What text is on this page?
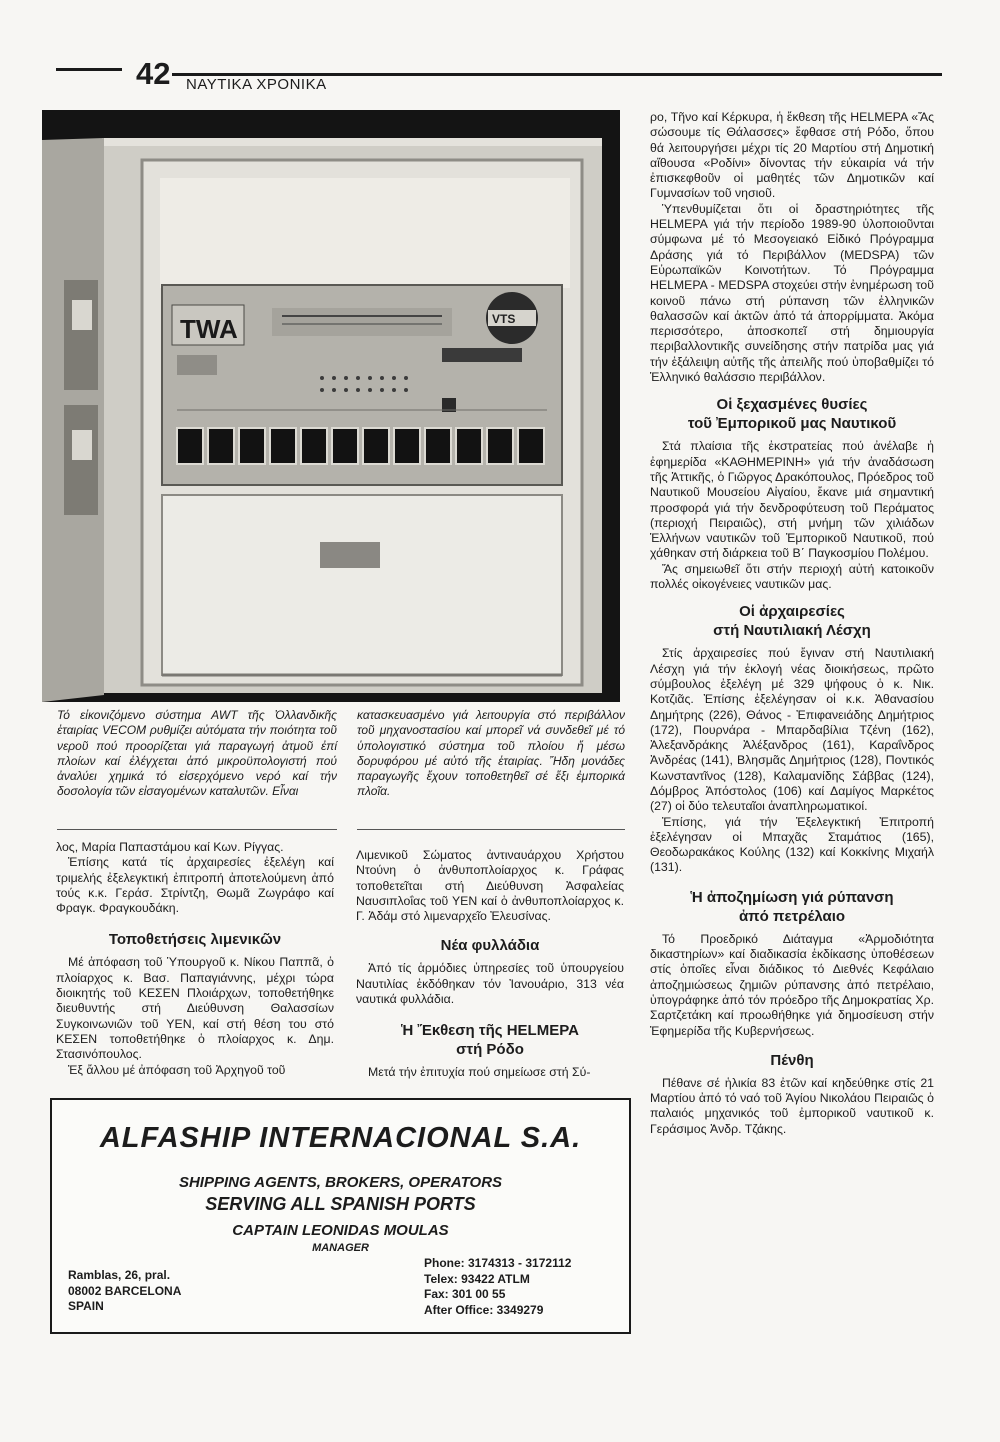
42 ΝΑΥΤΙΚΑ ΧΡΟΝΙΚΑ
TWA	VTS

Τό εἰκονιζόμενο σύστημα AWT τῆς Ὀλλανδικῆς ἑταιρίας VECOM ρυθμίζει αὐτόματα τήν ποιότητα τοῦ νεροῦ πού προορίζεται γιά παραγωγή ἀτμοῦ ἐπί πλοίων καί ἐλέγχεται ἀπό μικροϋπολογιστή πού ἀναλύει χημικά τό εἰσερχόμενο νερό καί τήν δοσολογία τῶν εἰσαγομένων καταλυτῶν. Εἶναι

κατασκευασμένο γιά λειτουργία στό περιβάλλον τοῦ μηχανοστασίου καί μπορεῖ νά συνδεθεῖ μέ τό ὑπολογιστικό σύστημα τοῦ πλοίου ἤ μέσω δορυφόρου μέ αὐτό τῆς ἑταιρίας. Ἤδη μονάδες παραγωγῆς ἔχουν τοποθετηθεῖ σέ ἕξι ἐμπορικά πλοῖα.

λος, Μαρία Παπαστάμου καί Κων. Ρίγγας.

Ἐπίσης κατά τίς ἀρχαιρεσίες ἐξελέγη καί τριμελής ἐξελεγκτική ἐπιτροπή ἀποτελούμενη ἀπό τούς κ.κ. Γεράσ. Στρίντζη, Θωμᾶ Ζωγράφο καί Φραγκ. Φραγκουδάκη.

Τοποθετήσεις λιμενικῶν

Μέ ἀπόφαση τοῦ Ὑπουργοῦ κ. Νίκου Παππᾶ, ὁ πλοίαρχος κ. Βασ. Παπαγιάννης, μέχρι τώρα διοικητής τοῦ ΚΕΣΕΝ Πλοιάρχων, τοποθετήθηκε διευθυντής στή Διεύθυνση Θαλασσίων Συγκοινωνιῶν τοῦ ΥΕΝ, καί στή θέση του στό ΚΕΣΕΝ τοποθετήθηκε ὁ πλοίαρχος κ. Δημ. Στασινόπουλος.

Ἐξ ἄλλου μέ ἀπόφαση τοῦ Ἀρχηγοῦ τοῦ

Λιμενικοῦ Σώματος ἀντιναυάρχου Χρήστου Ντούνη ὁ ἀνθυποπλοίαρχος κ. Γράφας τοποθετεῖται στή Διεύθυνση Ἀσφαλείας Ναυσιπλοΐας τοῦ ΥΕΝ καί ὁ ἀνθυποπλοίαρχος κ. Γ. Ἀδάμ στό λιμεναρχεῖο Ἐλευσίνας.

Νέα φυλλάδια

Ἀπό τίς ἁρμόδιες ὑπηρεσίες τοῦ ὑπουργείου Ναυτιλίας ἐκδόθηκαν τόν Ἰανουάριο, 313 νέα ναυτικά φυλλάδια.

Ἡ Ἔκθεση τῆς HELMEPA
στή Ρόδο

Μετά τήν ἐπιτυχία πού σημείωσε στή Σύ-

ρο, Τῆνο καί Κέρκυρα, ἡ ἔκθεση τῆς HELMEPA «Ἄς σώσουμε τίς Θάλασσες» ἔφθασε στή Ρόδο, ὅπου θά λειτουργήσει μέχρι τίς 20 Μαρτίου στή Δημοτική αἴθουσα «Ροδίνι» δίνοντας τήν εὐκαιρία νά τήν ἐπισκεφθοῦν οἱ μαθητές τῶν Δημοτικῶν καί Γυμνασίων τοῦ νησιοῦ.

Ὑπενθυμίζεται ὅτι οἱ δραστηριότητες τῆς HELMEPA γιά τήν περίοδο 1989-90 ὑλοποιοῦνται σύμφωνα μέ τό Μεσογειακό Εἰδικό Πρόγραμμα Δράσης γιά τό Περιβάλλον (MEDSPA) τῶν Εὐρωπαϊκῶν Κοινοτήτων. Τό Πρόγραμμα HELMEPA - MEDSPA στοχεύει στήν ἐνημέρωση τοῦ κοινοῦ πάνω στή ρύπανση τῶν ἑλληνικῶν θαλασσῶν καί ἀκτῶν ἀπό τά ἀπορρίμματα. Ἀκόμα περισσότερο, ἀποσκοπεῖ στή δημιουργία περιβαλλοντικῆς συνείδησης στήν πατρίδα μας γιά τήν ἐξάλειψη αὐτῆς τῆς ἀπειλῆς πού ὑποβαθμίζει τό Ἑλληνικό θαλάσσιο περιβάλλον.

Οἱ ξεχασμένες θυσίες
τοῦ Ἐμπορικοῦ μας Ναυτικοῦ

Στά πλαίσια τῆς ἐκστρατείας πού ἀνέλαβε ἡ ἐφημερίδα «ΚΑΘΗΜΕΡΙΝΗ» γιά τήν ἀναδάσωση τῆς Ἀττικῆς, ὁ Γιῶργος Δρακόπουλος, Πρόεδρος τοῦ Ναυτικοῦ Μουσείου Αἰγαίου, ἔκανε μιά σημαντική προσφορά γιά τήν δενδροφύτευση τοῦ Περάματος (περιοχή Πειραιῶς), στή μνήμη τῶν χιλιάδων Ἑλλήνων ναυτικῶν τοῦ Ἐμπορικοῦ Ναυτικοῦ, πού χάθηκαν στή διάρκεια τοῦ Β΄ Παγκοσμίου Πολέμου.

Ἄς σημειωθεῖ ὅτι στήν περιοχή αὐτή κατοικοῦν πολλές οἰκογένειες ναυτικῶν μας.

Οἱ ἀρχαιρεσίες
στή Ναυτιλιακή Λέσχη

Στίς ἀρχαιρεσίες πού ἔγιναν στή Ναυτιλιακή Λέσχη γιά τήν ἐκλογή νέας διοικήσεως, πρῶτο σύμβουλος ἐξελέγη μέ 329 ψήφους ὁ κ. Νικ. Κοτζιᾶς. Ἐπίσης ἐξελέγησαν οἱ κ.κ. Ἀθανασίου Δημήτρης (226), Θάνος - Ἐπιφανειάδης Δημήτριος (172), Πουρνάρα - Μπαρδαβίλια Τζένη (162), Ἀλεξανδράκης Ἀλέξανδρος (161), Καραΐνδρος Ἀνδρέας (141), Βλησμᾶς Δημήτριος (128), Ποντικός Κωνσταντῖνος (128), Καλαμανίδης Σάββας (124), Δόμβρος Ἀπόστολος (106) καί Δαμίγος Μαρκέτος (27) οἱ δύο τελευταῖοι ἀναπληρωματικοί.

Ἐπίσης, γιά τήν Ἐξελεγκτική Ἐπιτροπή ἐξελέγησαν οἱ Μπαχᾶς Σταμάτιος (165), Θεοδωρακάκος Κούλης (132) καί Κοκκίνης Μιχαήλ (131).

Ἡ ἀποζημίωση γιά ρύπανση
ἀπό πετρέλαιο

Τό Προεδρικό Διάταγμα «Ἁρμοδιότητα δικαστηρίων» καί διαδικασία ἐκδίκασης ὑποθέσεων στίς ὁποῖες εἶναι διάδικος τό Διεθνές Κεφάλαιο ἀποζημιώσεως ζημιῶν ρύπανσης ἀπό πετρέλαιο, ὑπογράφηκε ἀπό τόν πρόεδρο τῆς Δημοκρατίας Χρ. Σαρτζετάκη καί προωθήθηκε γιά δημοσίευση στήν Ἐφημερίδα τῆς Κυβερνήσεως.

Πένθη

Πέθανε σέ ἡλικία 83 ἐτῶν καί κηδεύθηκε στίς 21 Μαρτίου ἀπό τό ναό τοῦ Ἁγίου Νικολάου Πειραιῶς ὁ παλαιός μηχανικός τοῦ ἐμπορικοῦ ναυτικοῦ κ. Γεράσιμος Ἀνδρ. Τζάκης.

ALFASHIP INTERNACIONAL S.A.
SHIPPING AGENTS, BROKERS, OPERATORS
SERVING ALL SPANISH PORTS
CAPTAIN LEONIDAS MOULAS
MANAGER
Ramblas, 26, pral.
08002 BARCELONA
SPAIN
Phone: 3174313 - 3172112
Telex: 93422 ATLM
Fax: 301 00 55
After Office: 3349279
